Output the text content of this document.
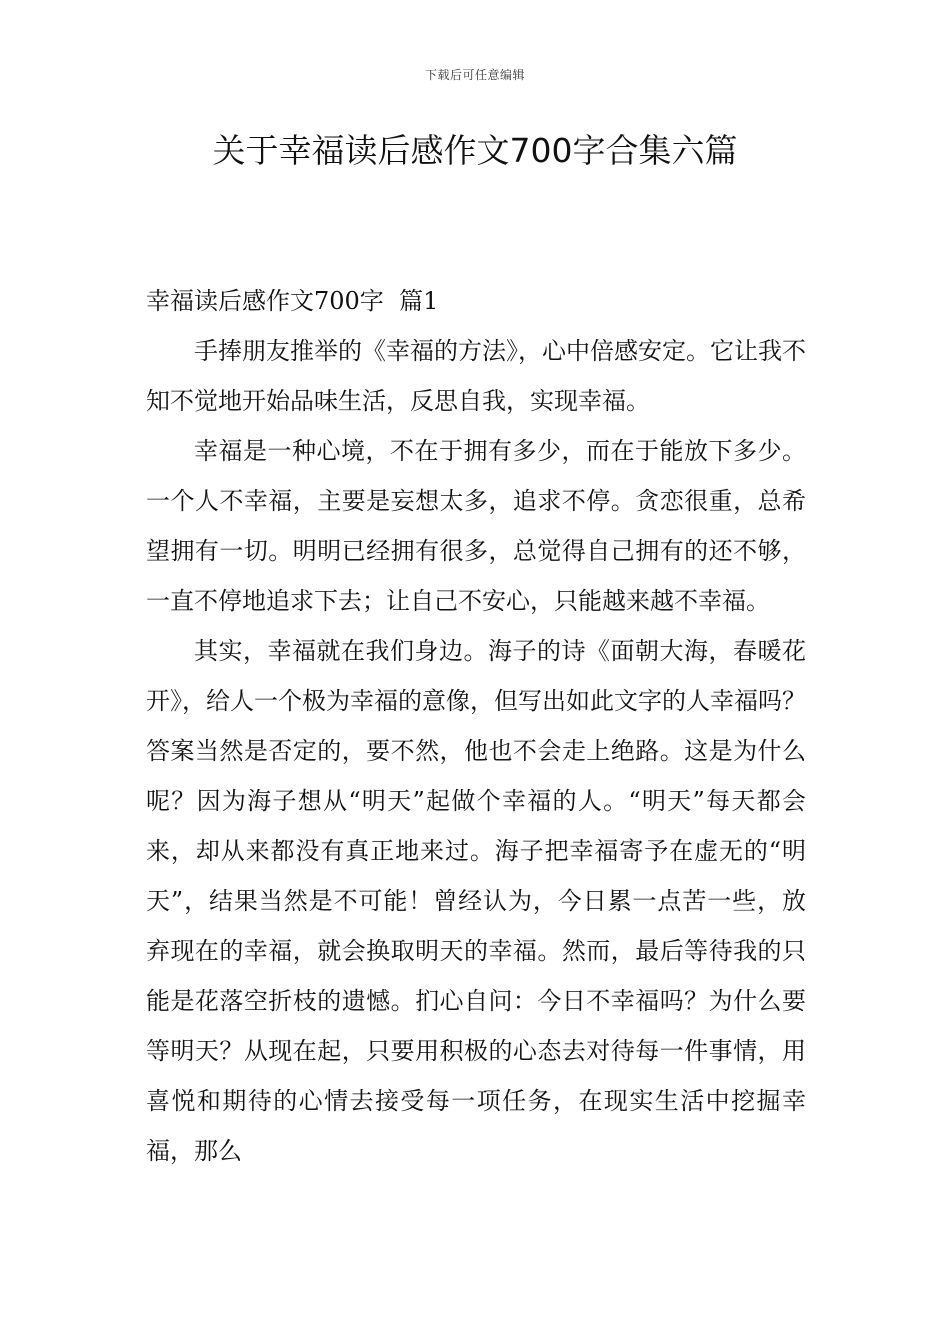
下载后可任意编辑
关于幸福读后感作文700字合集六篇
幸福读后感作文700字  篇1

手捧朋友推举的《幸福的方法》，心中倍感安定。它让我不知不觉地开始品味生活，反思自我，实现幸福。

幸福是一种心境，不在于拥有多少，而在于能放下多少。一个人不幸福，主要是妄想太多，追求不停。贪恋很重，总希望拥有一切。明明已经拥有很多，总觉得自己拥有的还不够，一直不停地追求下去；让自己不安心，只能越来越不幸福。

其实，幸福就在我们身边。海子的诗《面朝大海，春暖花开》，给人一个极为幸福的意像，但写出如此文字的人幸福吗？答案当然是否定的，要不然，他也不会走上绝路。这是为什么呢？因为海子想从“明天”起做个幸福的人。“明天”每天都会来，却从来都没有真正地来过。海子把幸福寄予在虚无的“明天”，结果当然是不可能！曾经认为，今日累一点苦一些，放弃现在的幸福，就会换取明天的幸福。然而，最后等待我的只能是花落空折枝的遗憾。扪心自问：今日不幸福吗？为什么要等明天？从现在起，只要用积极的心态去对待每一件事情，用喜悦和期待的心情去接受每一项任务，在现实生活中挖掘幸福，那么
